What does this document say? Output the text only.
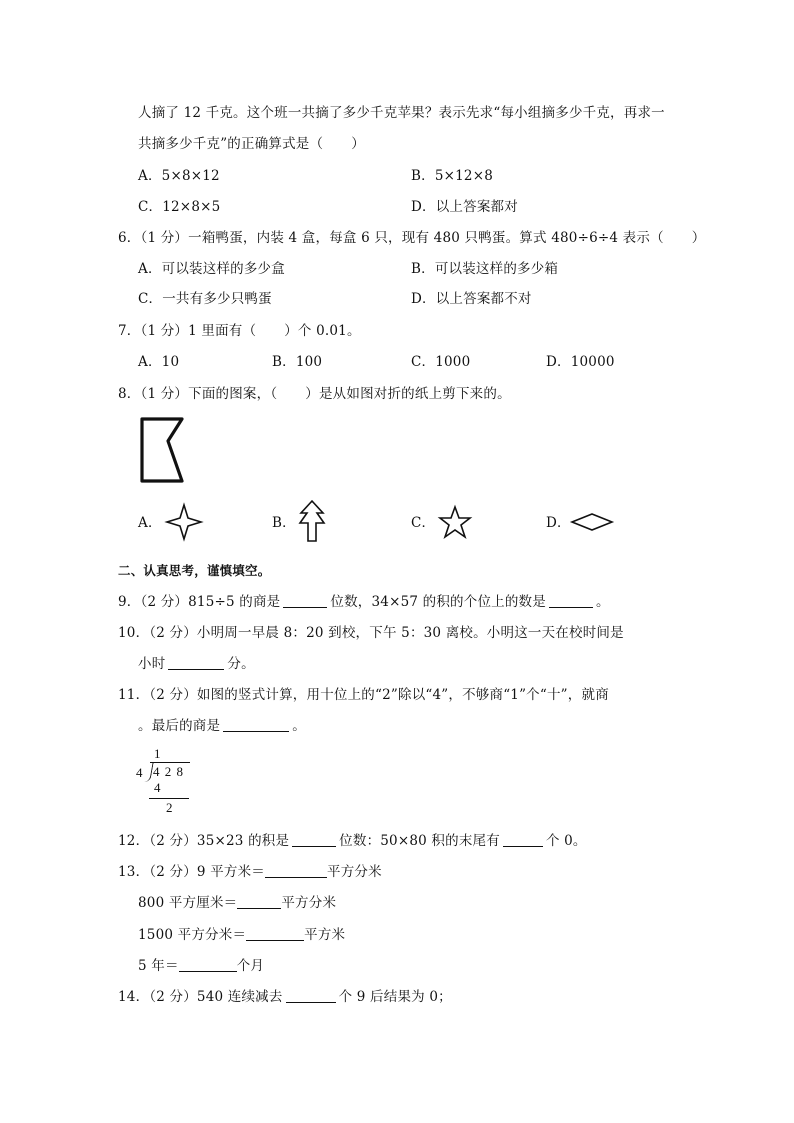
人摘了 12 千克。这个班一共摘了多少千克苹果？表示先求“每小组摘多少千克，再求一
共摘多少千克”的正确算式是（ ）
A．5×8×12	B．5×12×8
C．12×8×5	D．以上答案都对
6．（1 分）一箱鸭蛋，内装 4 盒，每盒 6 只，现有 480 只鸭蛋。算式 480÷6÷4 表示（ ）
A．可以装这样的多少盒	B．可以装这样的多少箱
C．一共有多少只鸭蛋	D．以上答案都不对
7．（1 分）1 里面有（ ）个 0.01。
A．10	B．100	C．1000	D．10000
8．（1 分）下面的图案，（ ）是从如图对折的纸上剪下来的。
A．	B．	C．	D．
二、认真思考，谨慎填空。
9．（2 分）815÷5 的商是	位数，34×57 的积的个位上的数是	。
10．（2 分）小明周一早晨 8：20 到校，下午 5：30 离校。小明这一天在校时间是
小时	分。
11．（2 分）如图的竖式计算，用十位上的“2”除以“4”，不够商“1”个“十”，就商
。最后的商是	。
1
4 4 2 8
4
2
12．（2 分）35×23 的积是	位数：50×80 积的末尾有	个 0。
13．（2 分）9 平方米＝	平方分米
800 平方厘米＝	平方分米
1500 平方分米＝	平方米
5 年＝	个月
14．（2 分）540 连续减去	个 9 后结果为 0；
